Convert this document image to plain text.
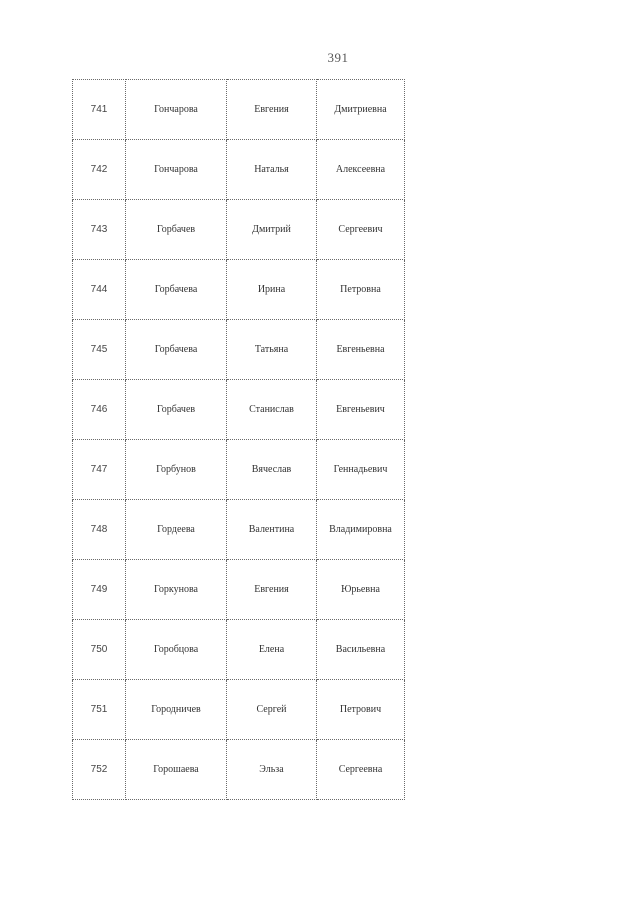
391
741	Гончарова	Евгения	Дмитриевна
742	Гончарова	Наталья	Алексеевна
743	Горбачев	Дмитрий	Сергеевич
744	Горбачева	Ирина	Петровна
745	Горбачева	Татьяна	Евгеньевна
746	Горбачев	Станислав	Евгеньевич
747	Горбунов	Вячеслав	Геннадьевич
748	Гордеева	Валентина	Владимировна
749	Горкунова	Евгения	Юрьевна
750	Горобцова	Елена	Васильевна
751	Городничев	Сергей	Петрович
752	Горошаева	Эльза	Сергеевна
